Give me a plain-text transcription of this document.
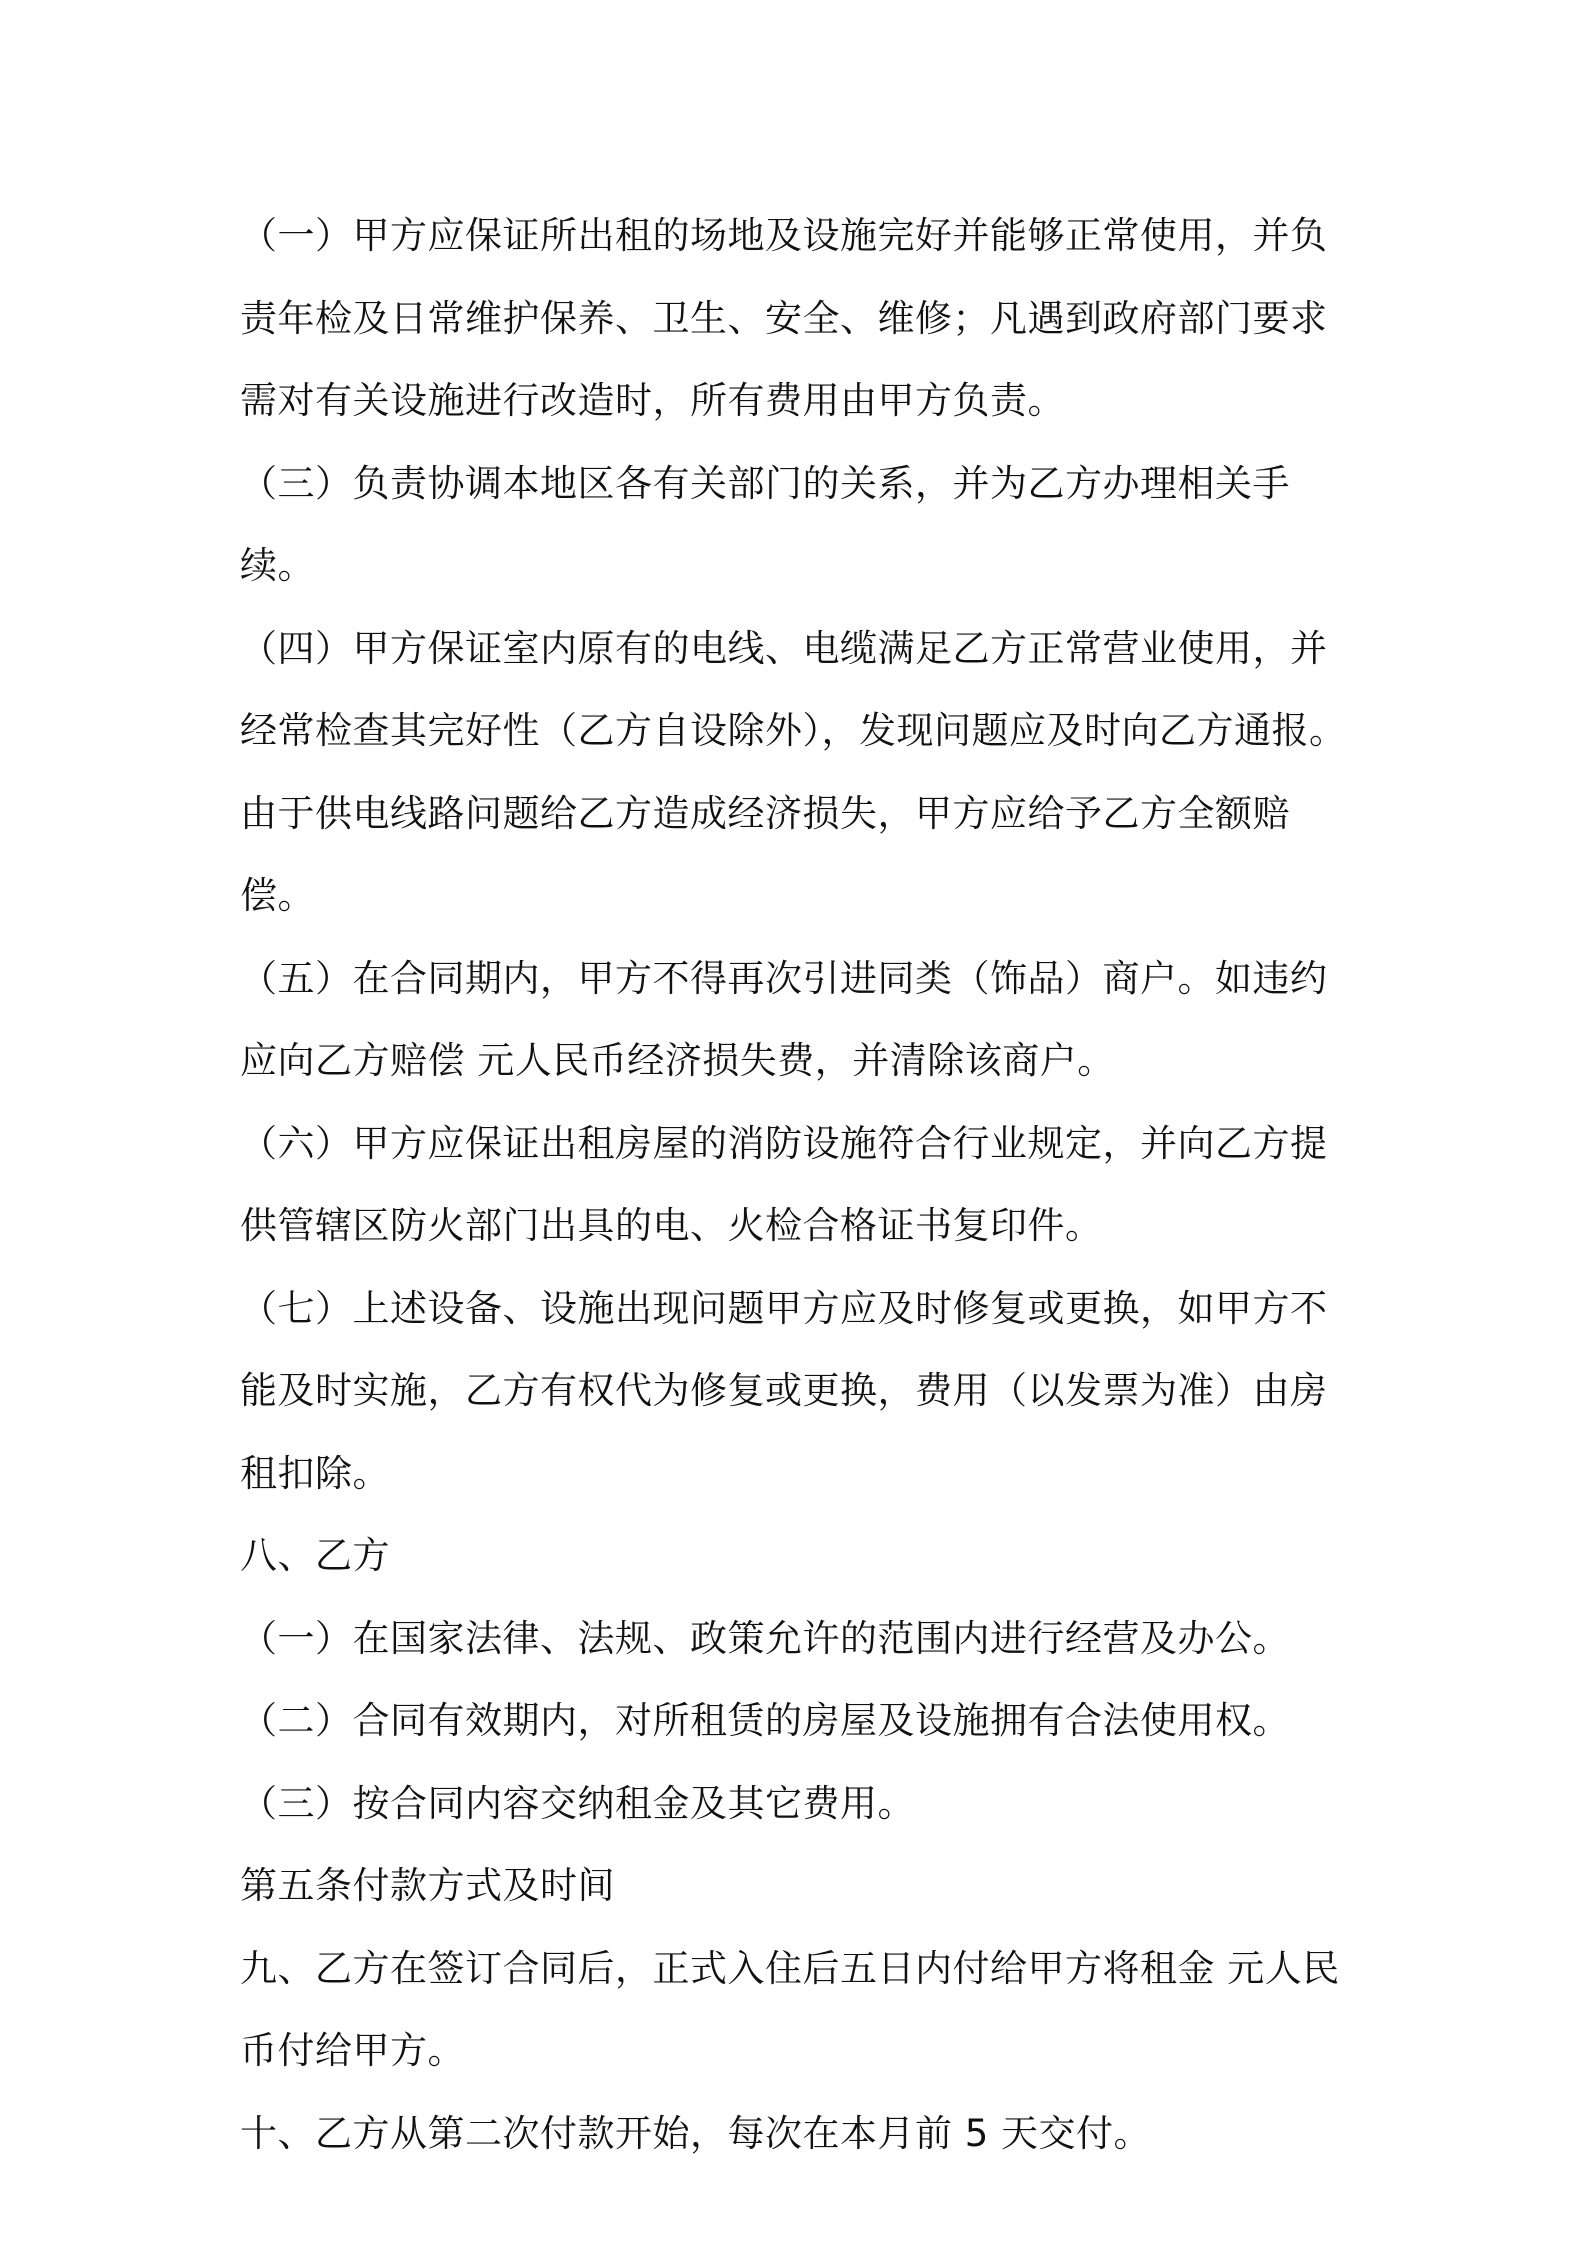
（一）甲方应保证所出租的场地及设施完好并能够正常使用，并负责年检及日常维护保养、卫生、安全、维修；凡遇到政府部门要求需对有关设施进行改造时，所有费用由甲方负责。

（三）负责协调本地区各有关部门的关系，并为乙方办理相关手续。

（四）甲方保证室内原有的电线、电缆满足乙方正常营业使用，并经常检查其完好性（乙方自设除外），发现问题应及时向乙方通报。由于供电线路问题给乙方造成经济损失，甲方应给予乙方全额赔偿。

（五）在合同期内，甲方不得再次引进同类（饰品）商户。如违约应向乙方赔偿 元人民币经济损失费，并清除该商户。

（六）甲方应保证出租房屋的消防设施符合行业规定，并向乙方提供管辖区防火部门出具的电、火检合格证书复印件。

（七）上述设备、设施出现问题甲方应及时修复或更换，如甲方不能及时实施，乙方有权代为修复或更换，费用（以发票为准）由房租扣除。

八、乙方

（一）在国家法律、法规、政策允许的范围内进行经营及办公。

（二）合同有效期内，对所租赁的房屋及设施拥有合法使用权。

（三）按合同内容交纳租金及其它费用。

第五条付款方式及时间

九、乙方在签订合同后，正式入住后五日内付给甲方将租金 元人民币付给甲方。

十、乙方从第二次付款开始，每次在本月前 5 天交付。
